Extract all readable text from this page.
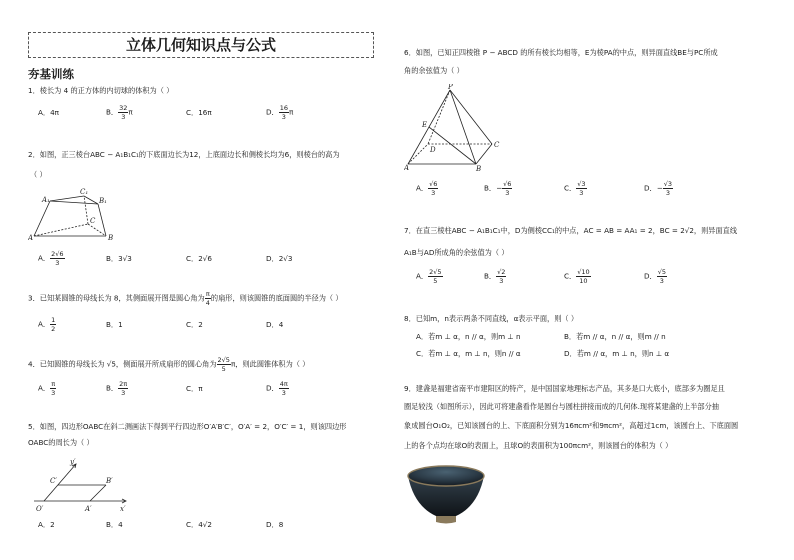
立体几何知识点与公式
夯基训练
1．棱长为 4 的正方体的内切球的体积为（ ）
A．4π	B． $\frac{32}{3}$ π	C．16π	D． $\frac{16}{3}$ π
2．如图，正三棱台ABC − A₁B₁C₁的下底面边长为12，上底面边长和侧棱长均为6，则棱台的高为
（ ）
A₁
C₁
B₁
C
A	B
A． $\frac{2√6}{3}$	B．3√3	C．2√6	D．2√3
3．已知某圆锥的母线长为 8，其侧面展开图是圆心角为 $\frac{\pi}{4}$ 的扇形，则该圆锥的底面圆的半径为（ ）
A． $\frac{1}{2}$	B．1	C．2	D．4
4．已知圆锥的母线长为 √5，侧面展开所成扇形的圆心角为 $\frac{2√5}{5}$ π，则此圆锥体积为（ ）
A． $\frac{\pi}{3}$	B． $\frac{2\pi}{3}$	C．π	D． $\frac{4\pi}{3}$
5．如图，四边形OABC在斜二测画法下得到平行四边形O′A′B′C′，O′A′ = 2，O′C′ = 1，则该四边形
OABC的周长为（ ）
y′
C′	B′
O′	A′	x′
A．2	B．4	C．4√2	D．8
6．如图，已知正四棱锥 P − ABCD 的所有棱长均相等，E为棱PA的中点，则异面直线BE与PC所成
角的余弦值为（ ）
P
E
D
C
A	B
A． $\frac{√6}{3}$	B．− $\frac{√6}{3}$	C． $\frac{√3}{3}$	D．− $\frac{√3}{3}$
7．在直三棱柱ABC − A₁B₁C₁中，D为侧棱CC₁的中点，AC = AB = AA₁ = 2，BC = 2√2，则异面直线
A₁B与AD所成角的余弦值为（ ）
A． $\frac{2√5}{5}$	B． $\frac{√2}{3}$	C． $\frac{√10}{10}$	D． $\frac{√5}{3}$
8．已知m，n表示两条不同直线，α表示平面，则（ ）
A．若m ⊥ α，n // α，则m ⊥ n	B．若m // α，n // α，则m // n
C．若m ⊥ α，m ⊥ n，则n // α	D．若m // α，m ⊥ n，则n ⊥ α
9．建盏是福建省南平市建阳区的特产，是中国国家地理标志产品，其多是口大底小，底部多为圈足且
圈足较浅（如图所示），因此可将建盏看作是圆台与圆柱拼接而成的几何体.现将某建盏的上半部分抽
象成圆台O₁O₂，已知该圆台的上、下底面积分别为16πcm²和9πcm²，高超过1cm，该圆台上、下底面圆
上的各个点均在球O的表面上，且球O的表面积为100πcm²，则该圆台的体积为（ ）
